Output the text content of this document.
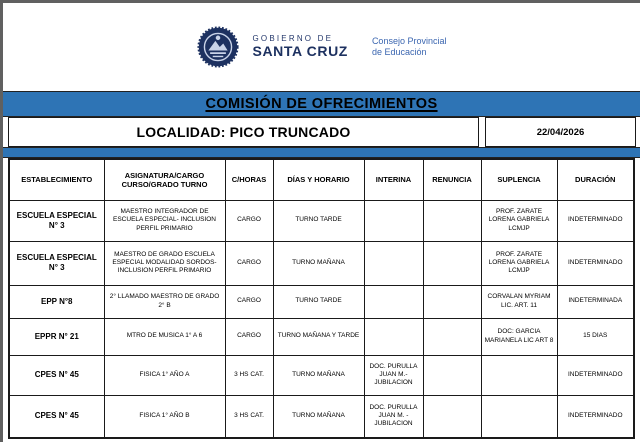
GOBIERNO DE
SANTA CRUZ
Consejo Provincial
de Educación
COMISIÓN DE OFRECIMIENTOS
LOCALIDAD: PICO TRUNCADO	22/04/2026
ESTABLECIMIENTO	ASIGNATURA/CARGO CURSO/GRADO TURNO	C/HORAS	DÍAS Y HORARIO	INTERINA	RENUNCIA	SUPLENCIA	DURACIÓN
ESCUELA ESPECIAL N° 3	MAESTRO INTEGRADOR DE ESCUELA ESPECIAL- INCLUSION PERFIL PRIMARIO	CARGO	TURNO TARDE			PROF. ZARATE LORENA GABRIELA LCMJP	INDETERMINADO
ESCUELA ESPECIAL N° 3	MAESTRO DE GRADO ESCUELA ESPECIAL MODALIDAD SORDOS- INCLUSION PERFIL PRIMARIO	CARGO	TURNO MAÑANA			PROF. ZARATE LORENA GABRIELA LCMJP	INDETERMINADO
EPP N°8	2° LLAMADO MAESTRO DE GRADO 2° B	CARGO	TURNO TARDE			CORVALAN MYRIAM LIC. ART. 11	INDETERMINADA
EPPR N° 21	MTRO DE MUSICA 1° A 6	CARGO	TURNO MAÑANA Y TARDE			DOC: GARCIA MARIANELA LIC ART 8	15 DIAS
CPES N° 45	FISICA 1° AÑO A	3 HS CAT.	TURNO MAÑANA	DOC. PURULLA JUAN M.- JUBILACION			INDETERMINADO
CPES N° 45	FISICA 1° AÑO B	3 HS CAT.	TURNO MAÑANA	DOC. PURULLA JUAN M. -JUBILACION			INDETERMINADO
